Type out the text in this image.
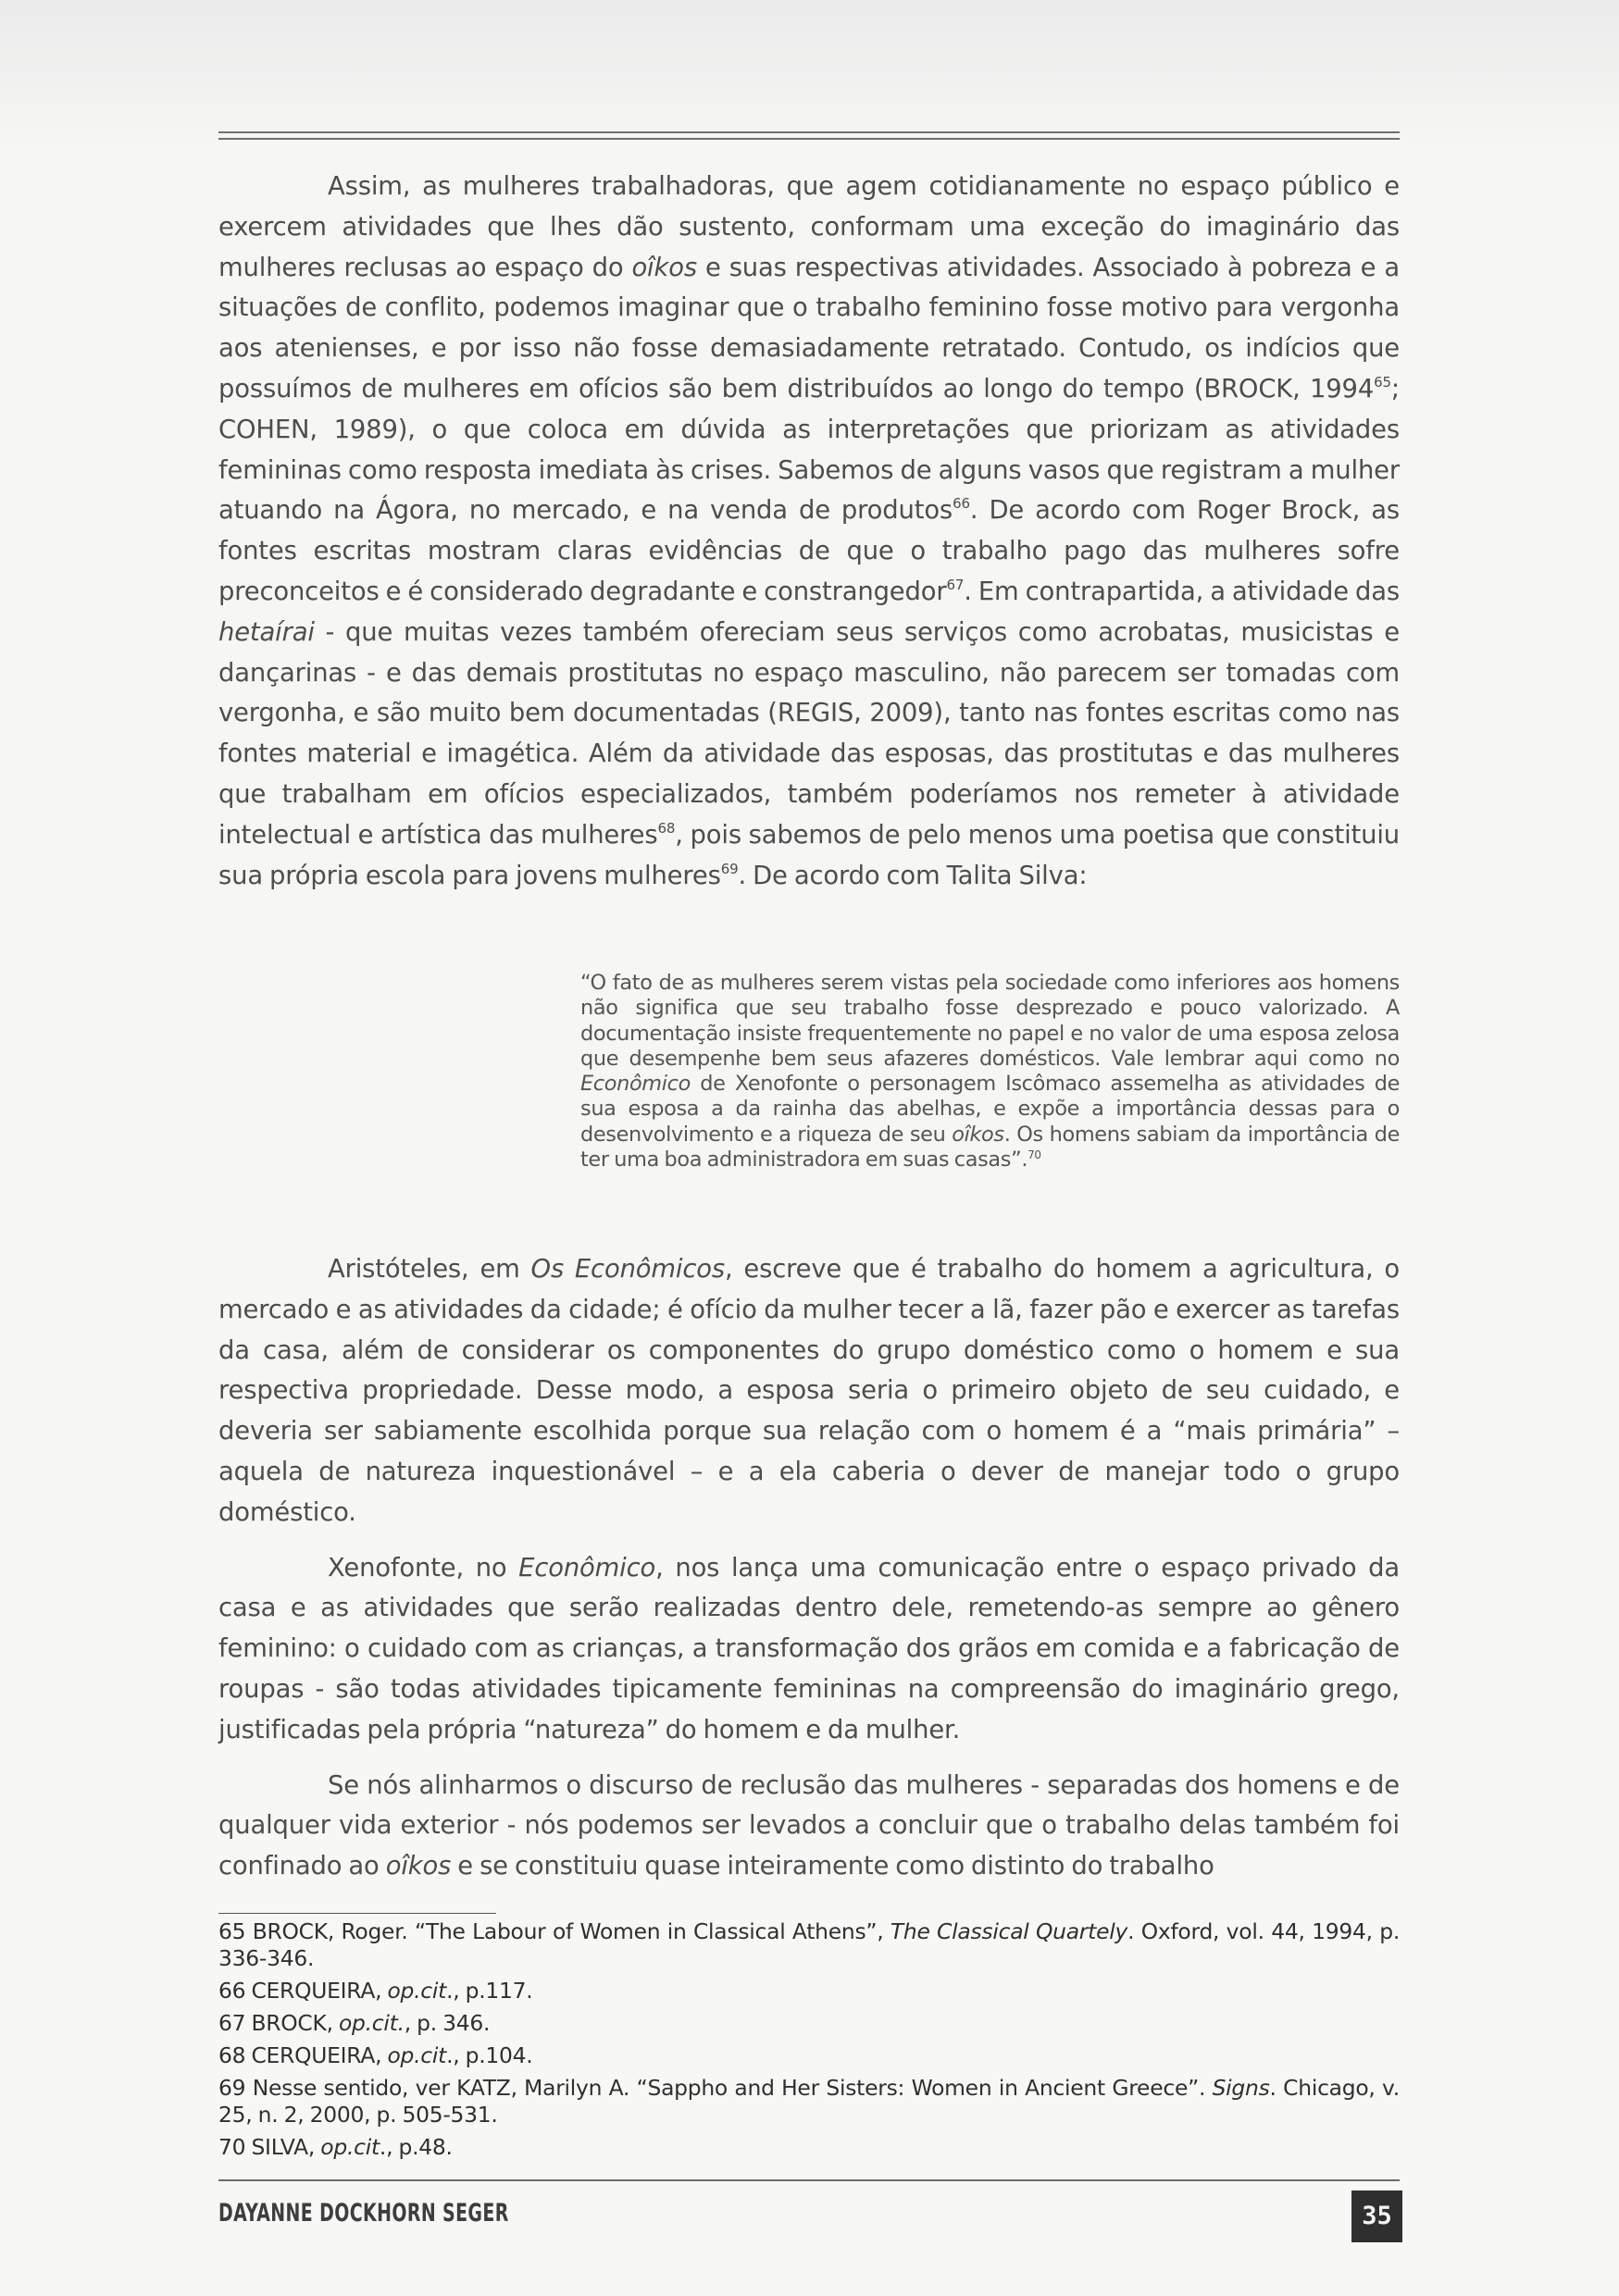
Assim, as mulheres trabalhadoras, que agem cotidianamente no espaço público e exercem atividades que lhes dão sustento, conformam uma exceção do imaginário das mulheres reclusas ao espaço do oîkos e suas respectivas atividades. Associado à pobreza e a situações de conflito, podemos imaginar que o trabalho feminino fosse motivo para vergonha aos atenienses, e por isso não fosse demasiadamente retratado. Contudo, os indícios que possuímos de mulheres em ofícios são bem distribuídos ao longo do tempo (BROCK, 1994$^{65}$; COHEN, 1989), o que coloca em dúvida as interpretações que priorizam as atividades femininas como resposta imediata às crises. Sabemos de alguns vasos que registram a mulher atuando na Ágora, no mercado, e na venda de produtos$^{66}$. De acordo com Roger Brock, as fontes escritas mostram claras evidências de que o trabalho pago das mulheres sofre preconceitos e é considerado degradante e constrangedor$^{67}$. Em contrapartida, a atividade das hetaírai - que muitas vezes também ofereciam seus serviços como acrobatas, musicistas e dançarinas - e das demais prostitutas no espaço masculino, não parecem ser tomadas com vergonha, e são muito bem documentadas (REGIS, 2009), tanto nas fontes escritas como nas fontes material e imagética. Além da atividade das esposas, das prostitutas e das mulheres que trabalham em ofícios especializados, também poderíamos nos remeter à atividade intelectual e artística das mulheres$^{68}$, pois sabemos de pelo menos uma poetisa que constituiu sua própria escola para jovens mulheres$^{69}$. De acordo com Talita Silva:

“O fato de as mulheres serem vistas pela sociedade como inferiores aos homens não significa que seu trabalho fosse desprezado e pouco valorizado. A documentação insiste frequentemente no papel e no valor de uma esposa zelosa que desempenhe bem seus afazeres domésticos. Vale lembrar aqui como no Econômico de Xenofonte o personagem Iscômaco assemelha as atividades de sua esposa a da rainha das abelhas, e expõe a importância dessas para o desenvolvimento e a riqueza de seu oîkos. Os homens sabiam da importância de ter uma boa administradora em suas casas”.$^{70}$

Aristóteles, em Os Econômicos, escreve que é trabalho do homem a agricultura, o mercado e as atividades da cidade; é ofício da mulher tecer a lã, fazer pão e exercer as tarefas da casa, além de considerar os componentes do grupo doméstico como o homem e sua respectiva propriedade. Desse modo, a esposa seria o primeiro objeto de seu cuidado, e deveria ser sabiamente escolhida porque sua relação com o homem é a “mais primária” – aquela de natureza inquestionável – e a ela caberia o dever de manejar todo o grupo doméstico.

Xenofonte, no Econômico, nos lança uma comunicação entre o espaço privado da casa e as atividades que serão realizadas dentro dele, remetendo-as sempre ao gênero feminino: o cuidado com as crianças, a transformação dos grãos em comida e a fabricação de roupas - são todas atividades tipicamente femininas na compreensão do imaginário grego, justificadas pela própria “natureza” do homem e da mulher.

Se nós alinharmos o discurso de reclusão das mulheres - separadas dos homens e de qualquer vida exterior - nós podemos ser levados a concluir que o trabalho delas também foi confinado ao oîkos e se constituiu quase inteiramente como distinto do trabalho

65 BROCK, Roger. “The Labour of Women in Classical Athens”, The Classical Quartely. Oxford, vol. 44, 1994, p. 336-346.

66 CERQUEIRA, op.cit., p.117.

67 BROCK, op.cit., p. 346.

68 CERQUEIRA, op.cit., p.104.

69 Nesse sentido, ver KATZ, Marilyn A. “Sappho and Her Sisters: Women in Ancient Greece”. Signs. Chicago, v. 25, n. 2, 2000, p. 505-531.

70 SILVA, op.cit., p.48.

DAYANNE DOCKHORN SEGER	35
